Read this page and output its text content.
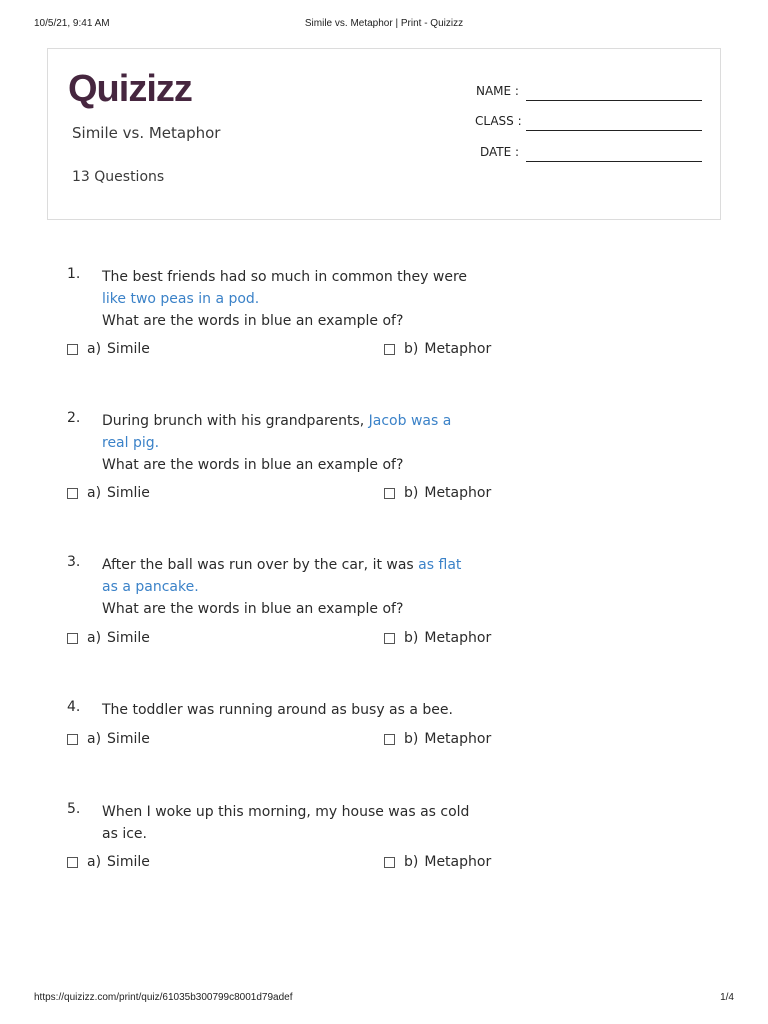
10/5/21, 9:41 AM	Simile vs. Metaphor | Print - Quizizz
Quizizz
Simile vs. Metaphor
13 Questions
NAME :
CLASS :
DATE :
1. The best friends had so much in common they were like two peas in a pod.
What are the words in blue an example of?
a) Simile	b) Metaphor
2. During brunch with his grandparents, Jacob was a real pig.
What are the words in blue an example of?
a) Simlie	b) Metaphor
3. After the ball was run over by the car, it was as flat as a pancake.
What are the words in blue an example of?
a) Simile	b) Metaphor
4. The toddler was running around as busy as a bee.
a) Simile	b) Metaphor
5. When I woke up this morning, my house was as cold as ice.
a) Simile	b) Metaphor
https://quizizz.com/print/quiz/61035b300799c8001d79adef	1/4
